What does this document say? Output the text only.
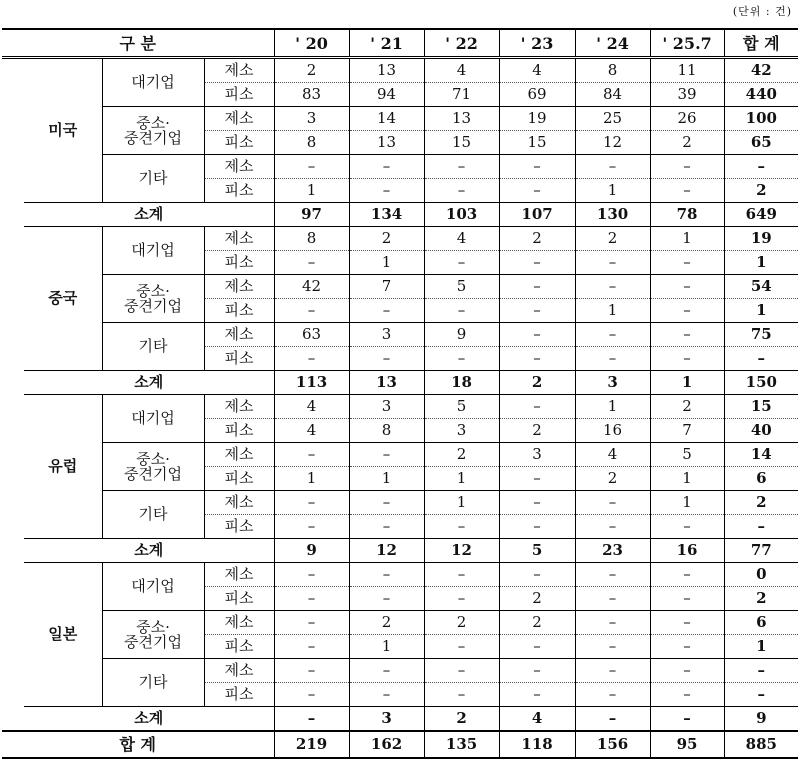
(단위 : 건)
구 분				' 20	' 21	' 22	' 23	' 24	' 25.7	합 계
	미국	대기업	제소	2	13	4	4	8	11	42
			피소	83	94	71	69	84	39	440

		중소·
중견기업	제소	3	14	13	19	25	26	100
			피소	8	13	15	15	12	2	65

		기타	제소	–	–	–	–	–	–	–
			피소	1	–	–	–	1	–	2
	소계			97	134	103	107	130	78	649
	중국	대기업	제소	8	2	4	2	2	1	19
			피소	–	1	–	–	–	–	1

		중소·
중견기업	제소	42	7	5	–	–	–	54
			피소	–	–	–	–	1	–	1

		기타	제소	63	3	9	–	–	–	75
			피소	–	–	–	–	–	–	–
	소계			113	13	18	2	3	1	150
	유럽	대기업	제소	4	3	5	–	1	2	15
			피소	4	8	3	2	16	7	40

		중소·
중견기업	제소	–	–	2	3	4	5	14
			피소	1	1	1	–	2	1	6

		기타	제소	–	–	1	–	–	1	2
			피소	–	–	–	–	–	–	–
	소계			9	12	12	5	23	16	77
	일본	대기업	제소	–	–	–	–	–	–	0
			피소	–	–	–	2	–	–	2

		중소·
중견기업	제소	–	2	2	2	–	–	6
			피소	–	1	–	–	–	–	1

		기타	제소	–	–	–	–	–	–	–
			피소	–	–	–	–	–	–	–
	소계			–	3	2	4	–	–	9
합 계				219	162	135	118	156	95	885
